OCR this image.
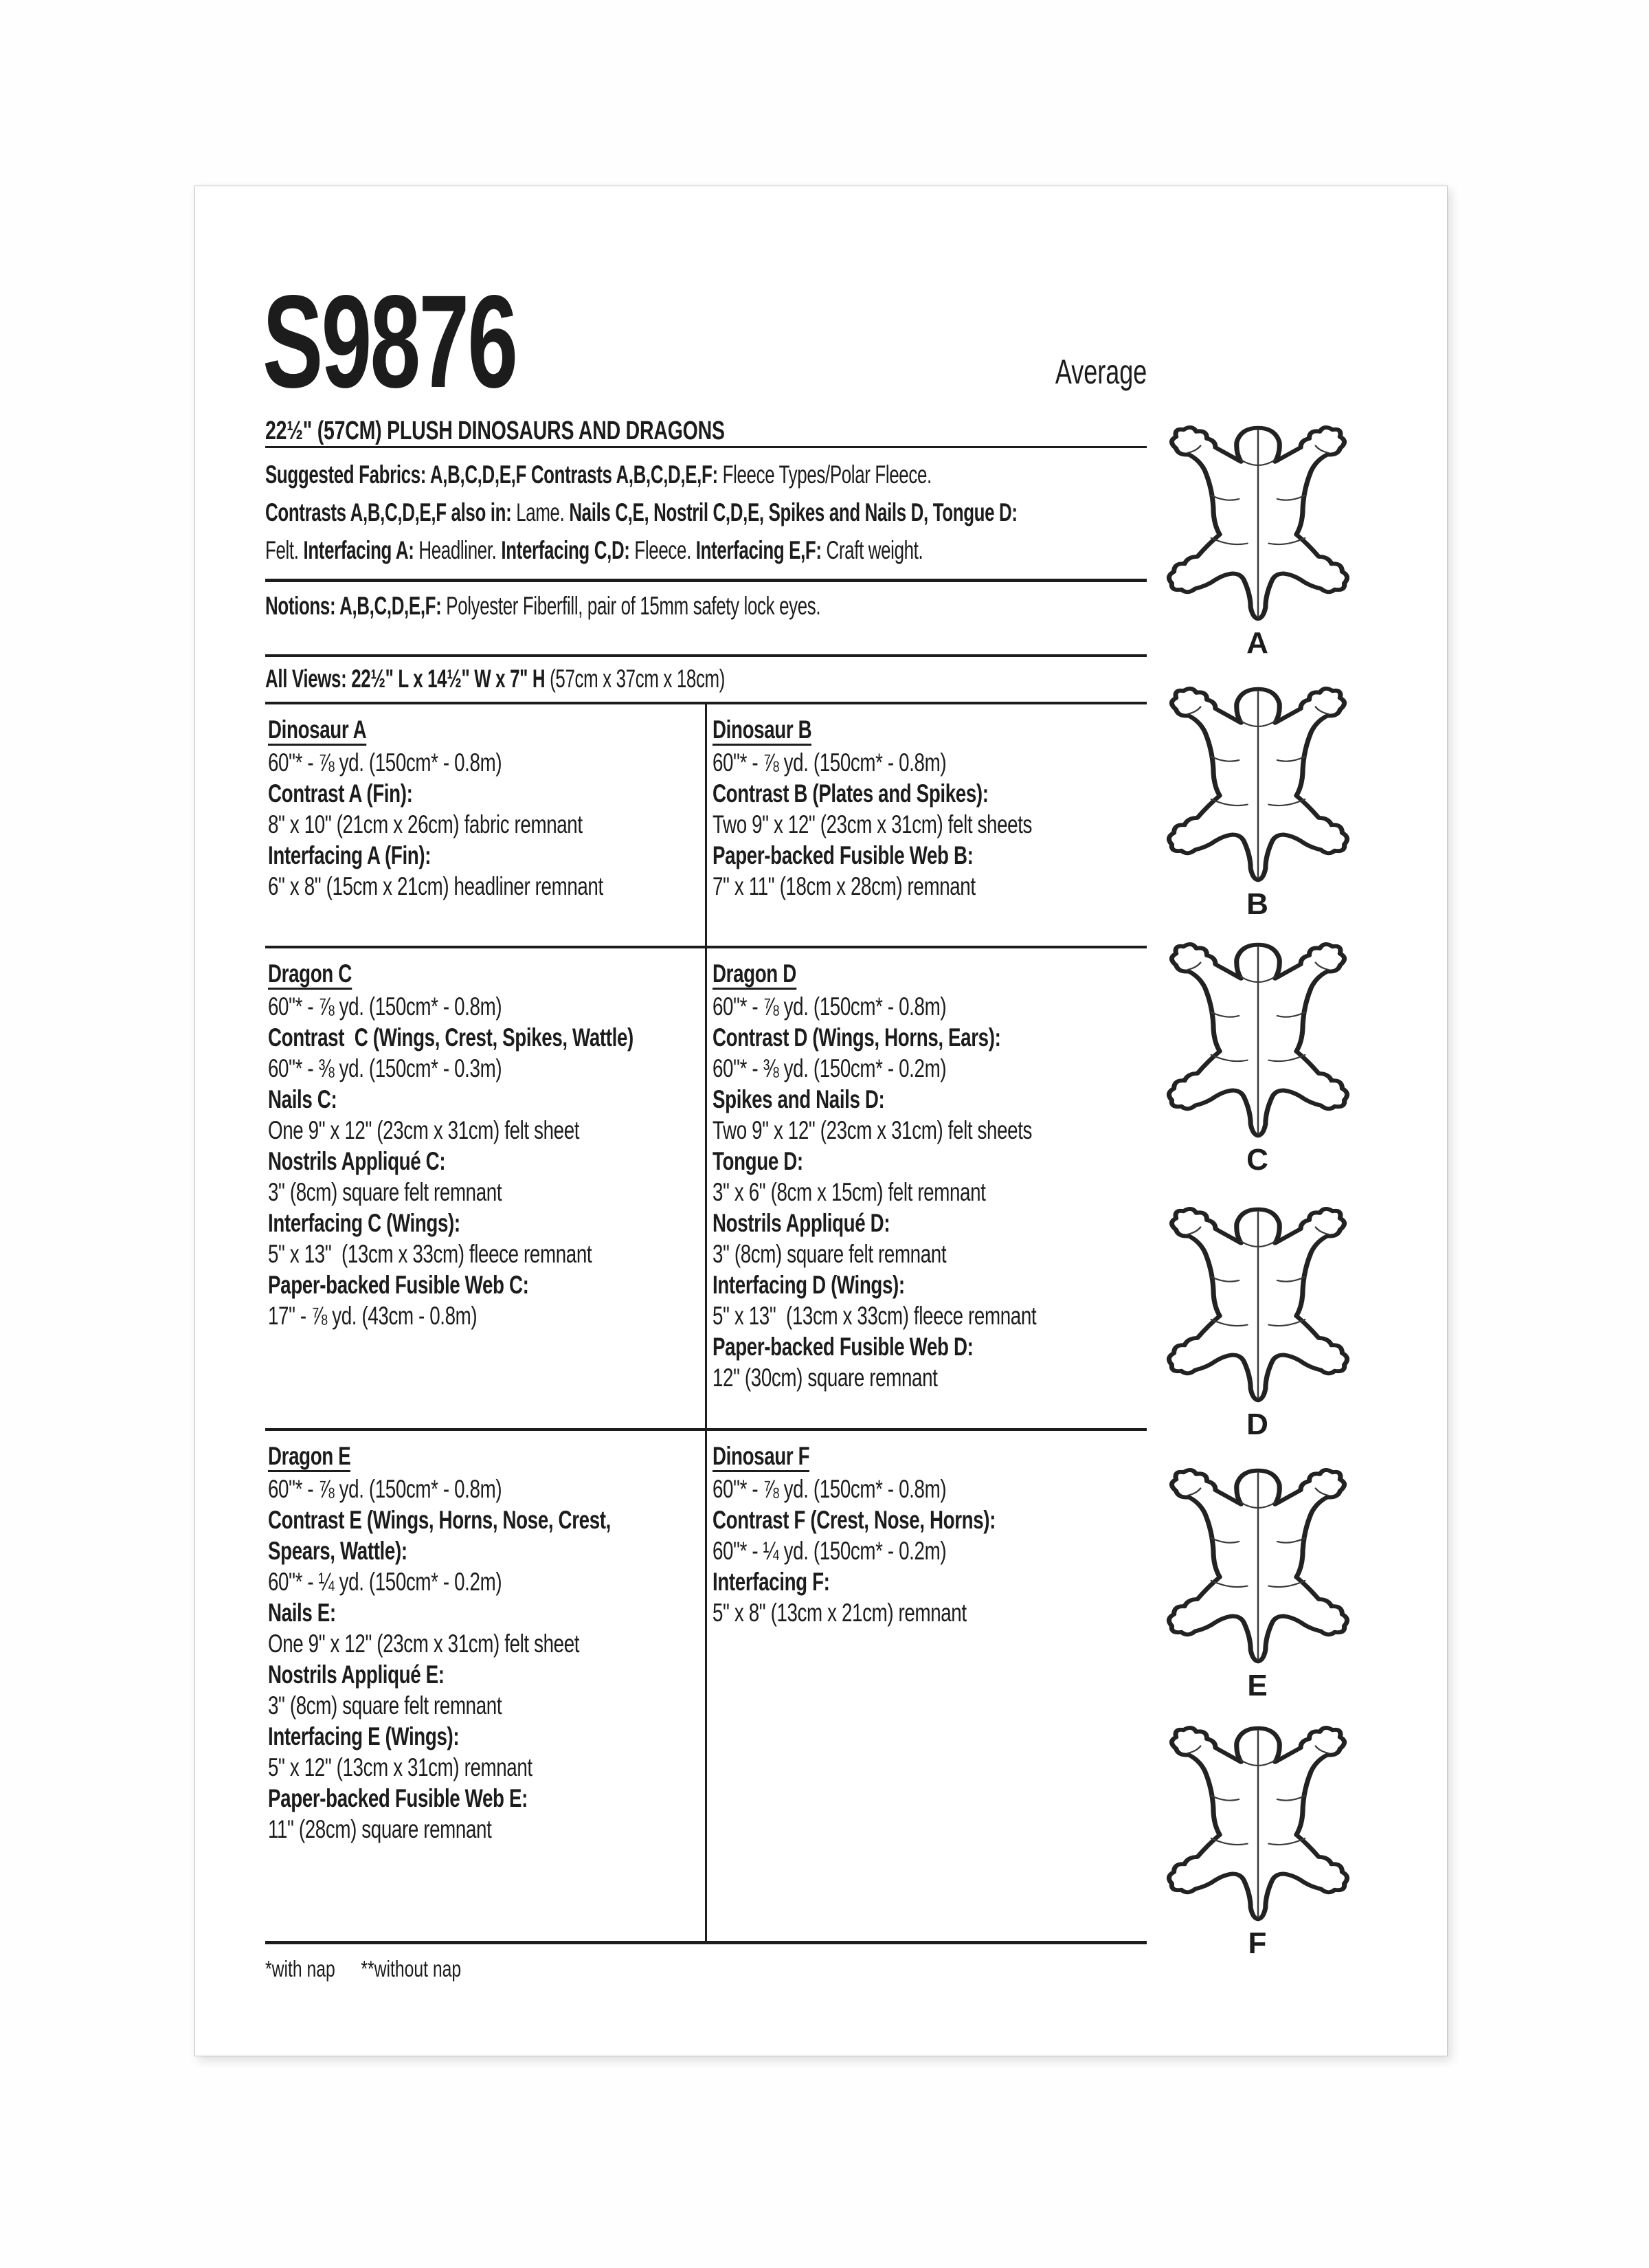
S9876	Average
22½" (57CM) PLUSH DINOSAURS AND DRAGONS
Suggested Fabrics: A,B,C,D,E,F Contrasts A,B,C,D,E,F: Fleece Types/Polar Fleece.
Contrasts A,B,C,D,E,F also in: Lame. Nails C,E, Nostril C,D,E, Spikes and Nails D, Tongue D:
Felt. Interfacing A: Headliner. Interfacing C,D: Fleece. Interfacing E,F: Craft weight.
Notions: A,B,C,D,E,F: Polyester Fiberfill, pair of 15mm safety lock eyes.
All Views: 22½" L x 14½" W x 7" H (57cm x 37cm x 18cm)
Dinosaur A
60"* - ⅞ yd. (150cm* - 0.8m)
Contrast A (Fin):
8" x 10" (21cm x 26cm) fabric remnant
Interfacing A (Fin):
6" x 8" (15cm x 21cm) headliner remnant
Dinosaur B
60"* - ⅞ yd. (150cm* - 0.8m)
Contrast B (Plates and Spikes):
Two 9" x 12" (23cm x 31cm) felt sheets
Paper-backed Fusible Web B:
7" x 11" (18cm x 28cm) remnant
Dragon C
60"* - ⅞ yd. (150cm* - 0.8m)
Contrast  C (Wings, Crest, Spikes, Wattle)
60"* - ⅜ yd. (150cm* - 0.3m)
Nails C:
One 9" x 12" (23cm x 31cm) felt sheet
Nostrils Appliqué C:
3" (8cm) square felt remnant
Interfacing C (Wings):
5" x 13"  (13cm x 33cm) fleece remnant
Paper-backed Fusible Web C:
17" - ⅞ yd. (43cm - 0.8m)
Dragon D
60"* - ⅞ yd. (150cm* - 0.8m)
Contrast D (Wings, Horns, Ears):
60"* - ⅜ yd. (150cm* - 0.2m)
Spikes and Nails D:
Two 9" x 12" (23cm x 31cm) felt sheets
Tongue D:
3" x 6" (8cm x 15cm) felt remnant
Nostrils Appliqué D:
3" (8cm) square felt remnant
Interfacing D (Wings):
5" x 13"  (13cm x 33cm) fleece remnant
Paper-backed Fusible Web D:
12" (30cm) square remnant
Dragon E
60"* - ⅞ yd. (150cm* - 0.8m)
Contrast E (Wings, Horns, Nose, Crest,
Spears, Wattle):
60"* - ¼ yd. (150cm* - 0.2m)
Nails E:
One 9" x 12" (23cm x 31cm) felt sheet
Nostrils Appliqué E:
3" (8cm) square felt remnant
Interfacing E (Wings):
5" x 12" (13cm x 31cm) remnant
Paper-backed Fusible Web E:
11" (28cm) square remnant
Dinosaur F
60"* - ⅞ yd. (150cm* - 0.8m)
Contrast F (Crest, Nose, Horns):
60"* - ¼ yd. (150cm* - 0.2m)
Interfacing F:
5" x 8" (13cm x 21cm) remnant
*with nap **without nap
A
B
C
D
E
F
